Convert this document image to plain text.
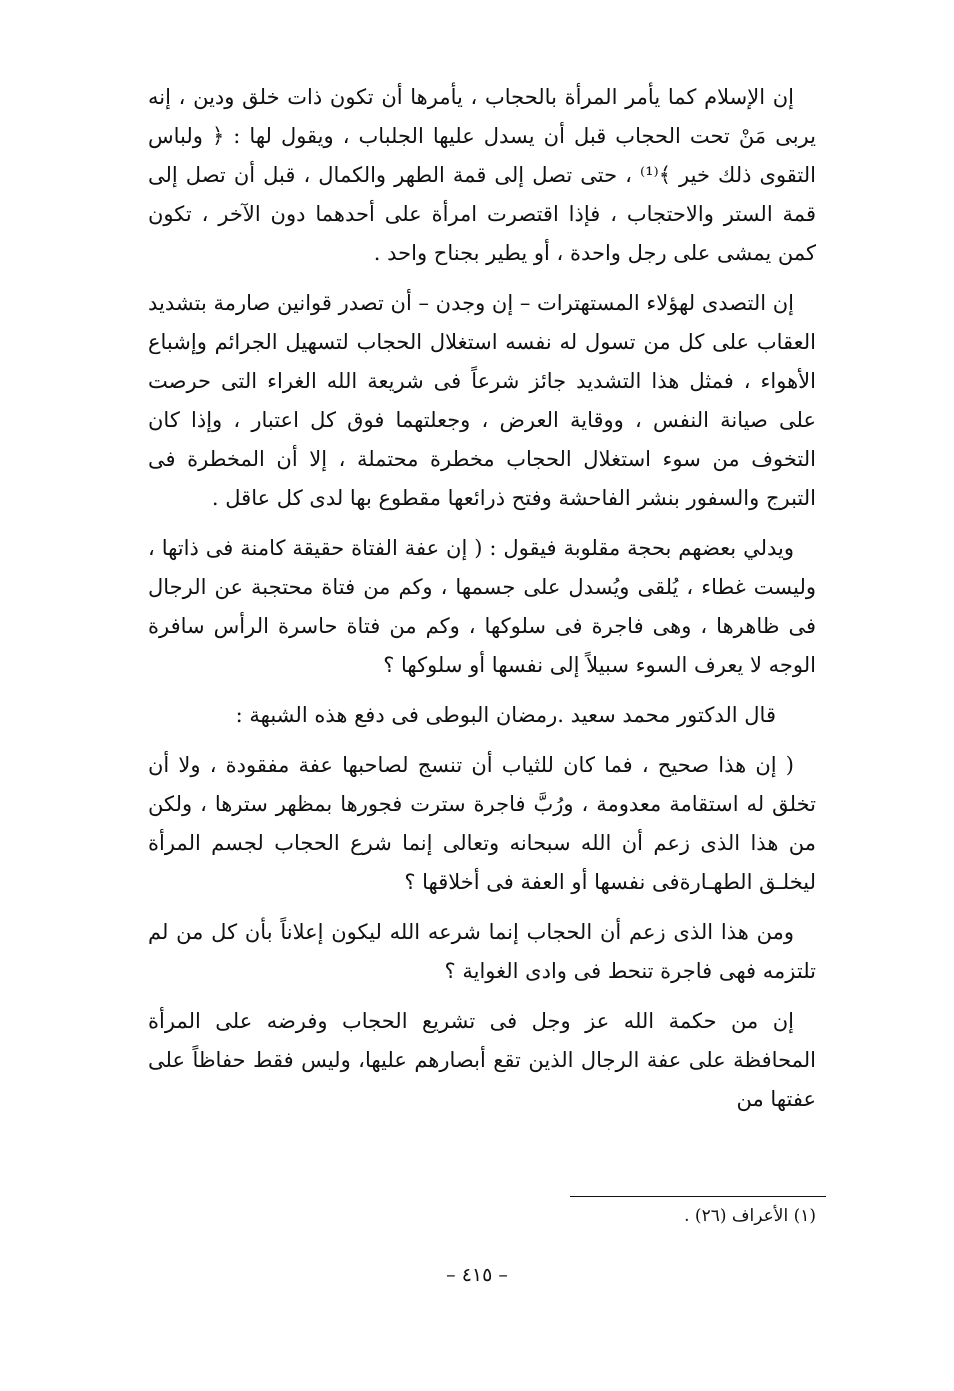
إن الإسلام كما يأمر المرأة بالحجاب ، يأمرها أن تكون ذات خلق ودين ، إنه يربى مَنْ تحت الحجاب قبل أن يسدل عليها الجلباب ، ويقول لها : ﴿ ولباس التقوى ذلك خير ﴾⁽¹⁾ ، حتى تصل إلى قمة الطهر والكمال ، قبل أن تصل إلى قمة الستر والاحتجاب ، فإذا اقتصرت امرأة على أحدهما دون الآخر ، تكون كمن يمشى على رجل واحدة ، أو يطير بجناح واحد .

إن التصدى لهؤلاء المستهترات – إن وجدن – أن تصدر قوانين صارمة بتشديد العقاب على كل من تسول له نفسه استغلال الحجاب لتسهيل الجرائم وإشباع الأهواء ، فمثل هذا التشديد جائز شرعاً فى شريعة الله الغراء التى حرصت على صيانة النفس ، ووقاية العرض ، وجعلتهما فوق كل اعتبار ، وإذا كان التخوف من سوء استغلال الحجاب مخطرة محتملة ، إلا أن المخطرة فى التبرج والسفور بنشر الفاحشة وفتح ذرائعها مقطوع بها لدى كل عاقل .

ويدلي بعضهم بحجة مقلوبة فيقول : ( إن عفة الفتاة حقيقة كامنة فى ذاتها ، وليست غطاء ، يُلقى ويُسدل على جسمها ، وكم من فتاة محتجبة عن الرجال فى ظاهرها ، وهى فاجرة فى سلوكها ، وكم من فتاة حاسرة الرأس سافرة الوجه لا يعرف السوء سبيلاً إلى نفسها أو سلوكها ؟

قال الدكتور محمد سعيد .رمضان البوطى فى دفع هذه الشبهة :

( إن هذا صحيح ، فما كان للثياب أن تنسج لصاحبها عفة مفقودة ، ولا أن تخلق له استقامة معدومة ، ورُبَّ فاجرة سترت فجورها بمظهر سترها ، ولكن من هذا الذى زعم أن الله سبحانه وتعالى إنما شرع الحجاب لجسم المرأة ليخلـق الطهـارةفى نفسها أو العفة فى أخلاقها ؟

ومن هذا الذى زعم أن الحجاب إنما شرعه الله ليكون إعلاناً بأن كل من لم تلتزمه فهى فاجرة تنحط فى وادى الغواية ؟

إن من حكمة الله عز وجل فى تشريع الحجاب وفرضه على المرأة المحافظة على عفة الرجال الذين تقع أبصارهم عليها، وليس فقط حفاظاً على عفتها من

(١) الأعراف (٢٦) .
– ٤١٥ –
